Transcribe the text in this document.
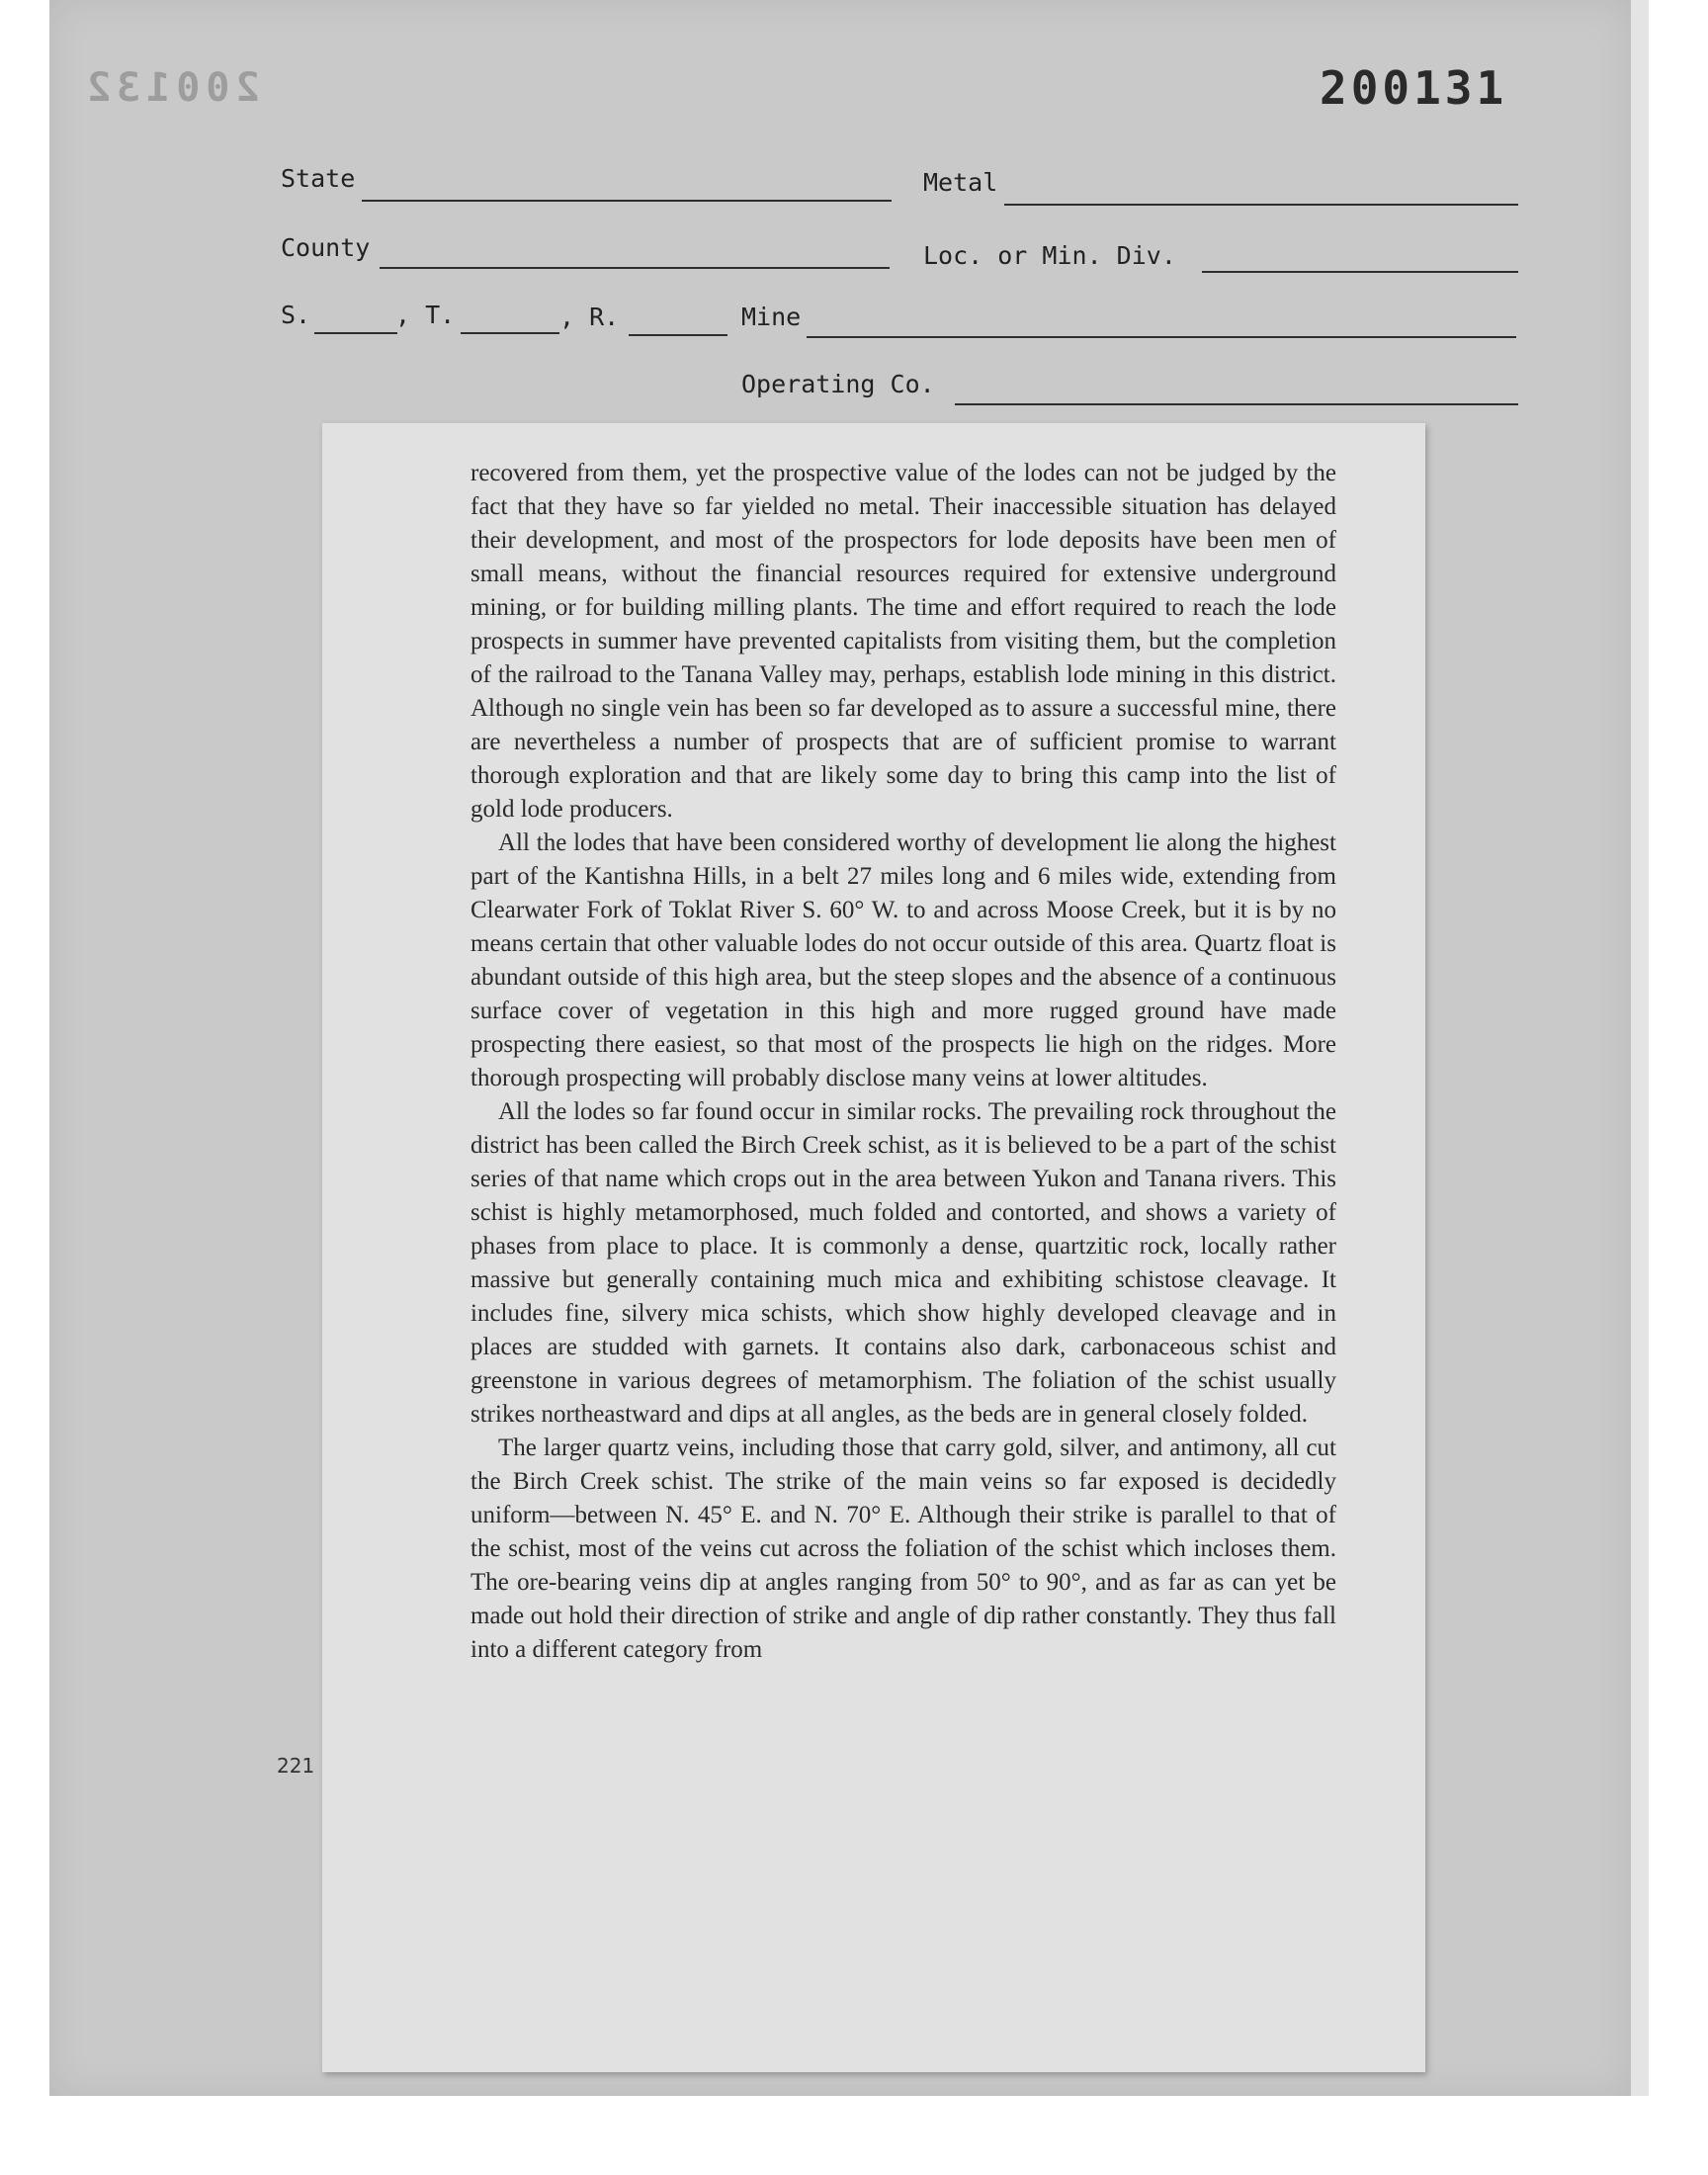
200132	200131
State	Metal
County	Loc. or Min. Div.
S.	, T.	, R.	Mine
Operating Co.

recovered from them, yet the prospective value of the lodes can not be judged by the fact that they have so far yielded no metal. Their inaccessible situation has delayed their development, and most of the prospectors for lode deposits have been men of small means, without the financial resources required for extensive underground mining, or for building milling plants. The time and effort required to reach the lode prospects in summer have prevented capitalists from visiting them, but the completion of the railroad to the Tanana Valley may, perhaps, establish lode mining in this district. Although no single vein has been so far developed as to assure a successful mine, there are nevertheless a number of prospects that are of sufficient promise to warrant thorough exploration and that are likely some day to bring this camp into the list of gold lode producers.

All the lodes that have been considered worthy of development lie along the highest part of the Kantishna Hills, in a belt 27 miles long and 6 miles wide, extending from Clearwater Fork of Toklat River S. 60° W. to and across Moose Creek, but it is by no means certain that other valuable lodes do not occur outside of this area. Quartz float is abundant outside of this high area, but the steep slopes and the absence of a continuous surface cover of vegetation in this high and more rugged ground have made prospecting there easiest, so that most of the prospects lie high on the ridges. More thorough prospecting will probably disclose many veins at lower altitudes.

All the lodes so far found occur in similar rocks. The prevailing rock throughout the district has been called the Birch Creek schist, as it is believed to be a part of the schist series of that name which crops out in the area between Yukon and Tanana rivers. This schist is highly metamorphosed, much folded and contorted, and shows a variety of phases from place to place. It is commonly a dense, quartzitic rock, locally rather massive but generally containing much mica and exhibiting schistose cleavage. It includes fine, silvery mica schists, which show highly developed cleavage and in places are studded with garnets. It contains also dark, carbonaceous schist and greenstone in various degrees of metamorphism. The foliation of the schist usually strikes northeastward and dips at all angles, as the beds are in general closely folded.

The larger quartz veins, including those that carry gold, silver, and antimony, all cut the Birch Creek schist. The strike of the main veins so far exposed is decidedly uniform—between N. 45° E. and N. 70° E. Although their strike is parallel to that of the schist, most of the veins cut across the foliation of the schist which incloses them. The ore-bearing veins dip at angles ranging from 50° to 90°, and as far as can yet be made out hold their direction of strike and angle of dip rather constantly. They thus fall into a different category from

221
